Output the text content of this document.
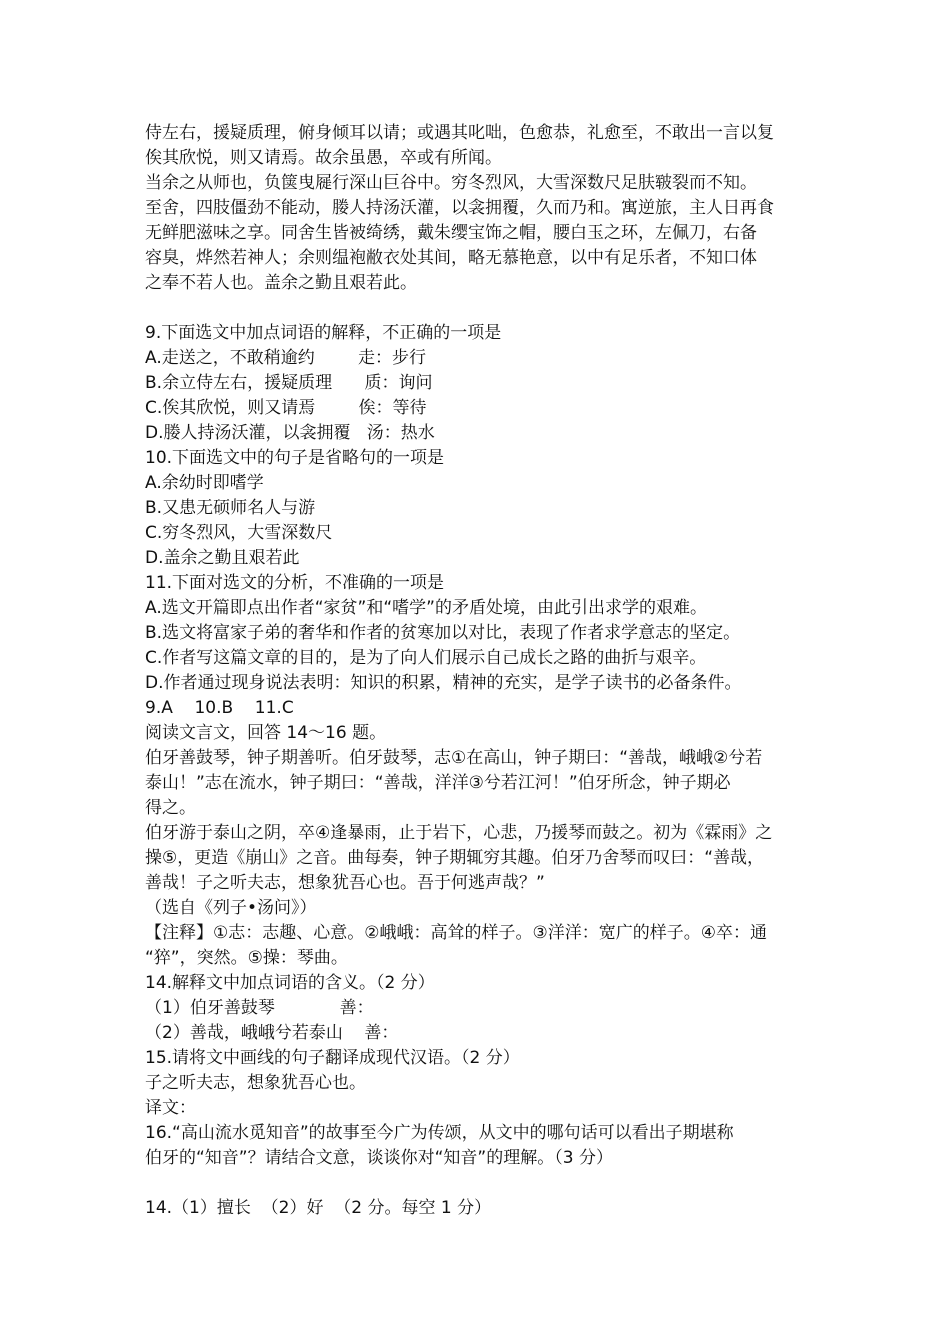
侍左右，援疑质理，俯身倾耳以请；或遇其叱咄，色愈恭，礼愈至，不敢出一言以复
俟其欣悦，则又请焉。故余虽愚，卒或有所闻。
当余之从师也，负箧曳屣行深山巨谷中。穷冬烈风，大雪深数尺足肤皲裂而不知。
至舍，四肢僵劲不能动，媵人持汤沃灌，以衾拥覆，久而乃和。寓逆旅，主人日再食
无鲜肥滋味之享。同舍生皆被绮绣，戴朱缨宝饰之帽，腰白玉之环，左佩刀，右备
容臭，烨然若神人；余则缊袍敝衣处其间，略无慕艳意，以中有足乐者，不知口体
之奉不若人也。盖余之勤且艰若此。
9.下面选文中加点词语的解释，不正确的一项是
A.走送之，不敢稍逾约        走：步行
B.余立侍左右，援疑质理      质：询问
C.俟其欣悦，则又请焉        俟：等待
D.媵人持汤沃灌，以衾拥覆   汤：热水
10.下面选文中的句子是省略句的一项是
A.余幼时即嗜学
B.又患无硕师名人与游
C.穷冬烈风，大雪深数尺
D.盖余之勤且艰若此
11.下面对选文的分析，不准确的一项是
A.选文开篇即点出作者“家贫”和“嗜学”的矛盾处境，由此引出求学的艰难。
B.选文将富家子弟的奢华和作者的贫寒加以对比，表现了作者求学意志的坚定。
C.作者写这篇文章的目的，是为了向人们展示自己成长之路的曲折与艰辛。
D.作者通过现身说法表明：知识的积累，精神的充实，是学子读书的必备条件。
9.A    10.B    11.C
阅读文言文，回答 14～16 题。
伯牙善鼓琴，钟子期善听。伯牙鼓琴，志①在高山，钟子期曰：“善哉，峨峨②兮若
泰山！”志在流水，钟子期曰：“善哉，洋洋③兮若江河！”伯牙所念，钟子期必
得之。
伯牙游于泰山之阴，卒④逢暴雨，止于岩下，心悲，乃援琴而鼓之。初为《霖雨》之
操⑤，更造《崩山》之音。曲每奏，钟子期辄穷其趣。伯牙乃舍琴而叹曰：“善哉，
善哉！子之听夫志，想象犹吾心也。吾于何逃声哉？”
（选自《列子•汤问》）
【注释】①志：志趣、心意。②峨峨：高耸的样子。③洋洋：宽广的样子。④卒：通
“猝”，突然。⑤操：琴曲。
14.解释文中加点词语的含义。（2 分）
（1）伯牙善鼓琴            善：
（2）善哉，峨峨兮若泰山    善：
15.请将文中画线的句子翻译成现代汉语。（2 分）
子之听夫志，想象犹吾心也。
译文：
16.“高山流水觅知音”的故事至今广为传颂，从文中的哪句话可以看出子期堪称
伯牙的“知音”？请结合文意，谈谈你对“知音”的理解。（3 分）
14.（1）擅长  （2）好  （2 分。每空 1 分）
